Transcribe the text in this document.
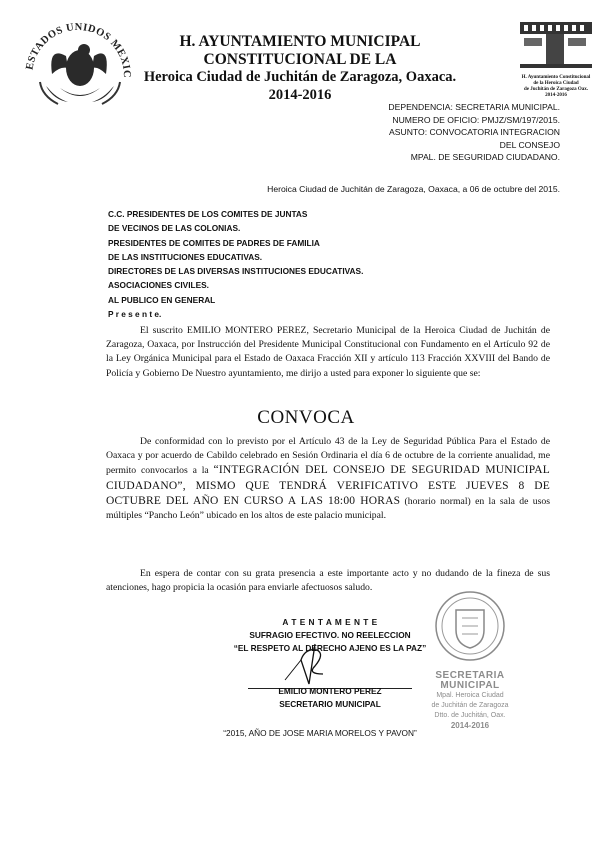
ESTADOS UNIDOS MEXIC
H. AYUNTAMIENTO MUNICIPAL
CONSTITUCIONAL DE LA
Heroica Ciudad de Juchitán de Zaragoza, Oaxaca.
2014-2016
H. Ayuntamiento Constitucional
de la Heroica Ciudad
de Juchitán de Zaragoza Oax.
2014-2016
DEPENDENCIA: SECRETARIA MUNICIPAL.
NUMERO DE OFICIO: PMJZ/SM/197/2015.
ASUNTO: CONVOCATORIA INTEGRACION
DEL CONSEJO
MPAL. DE SEGURIDAD CIUDADANO.
Heroica Ciudad de Juchitán de Zaragoza, Oaxaca, a 06 de octubre del 2015.
C.C. PRESIDENTES DE LOS COMITES DE JUNTAS
DE VECINOS DE LAS COLONIAS.
PRESIDENTES DE COMITES DE PADRES DE FAMILIA
DE LAS INSTITUCIONES EDUCATIVAS.
DIRECTORES DE LAS DIVERSAS INSTITUCIONES EDUCATIVAS.
ASOCIACIONES CIVILES.
AL PUBLICO EN GENERAL
P r e s e n t e.
El suscrito EMILIO MONTERO PEREZ, Secretario Municipal de la Heroica Ciudad de Juchitán de Zaragoza, Oaxaca, por Instrucción del Presidente Municipal Constitucional con Fundamento en el Artículo 92 de la Ley Orgánica Municipal para el Estado de Oaxaca Fracción XII y artículo 113 Fracción XXVIII del Bando de Policía y Gobierno De Nuestro ayuntamiento, me dirijo a usted para exponer lo siguiente que se:
CONVOCA
De conformidad con lo previsto por el Artículo 43 de la Ley de Seguridad Pública Para el Estado de Oaxaca y por acuerdo de Cabildo celebrado en Sesión Ordinaria el día 6 de octubre de la corriente anualidad, me permito convocarlos a la “INTEGRACIÓN DEL CONSEJO DE SEGURIDAD MUNICIPAL CIUDADANO”, MISMO QUE TENDRÁ VERIFICATIVO ESTE JUEVES 8 DE OCTUBRE DEL AÑO EN CURSO A LAS 18:00 HORAS (horario normal) en la sala de usos múltiples “Pancho León” ubicado en los altos de este palacio municipal.
En espera de contar con su grata presencia a este importante acto y no dudando de la fineza de sus atenciones, hago propicia la ocasión para enviarle afectuosos saludo.
A T E N T A M E N T E
SUFRAGIO EFECTIVO. NO REELECCION
“EL RESPETO AL DERECHO AJENO ES LA PAZ”
EMILIO MONTERO PEREZ
SECRETARIO MUNICIPAL
SECRETARIA
MUNICIPAL
Mpal. Heroica Ciudad
de Juchitán de Zaragoza
Dtto. de Juchitán, Oax.
2014-2016
“2015, AÑO DE JOSE MARIA MORELOS Y PAVON”
